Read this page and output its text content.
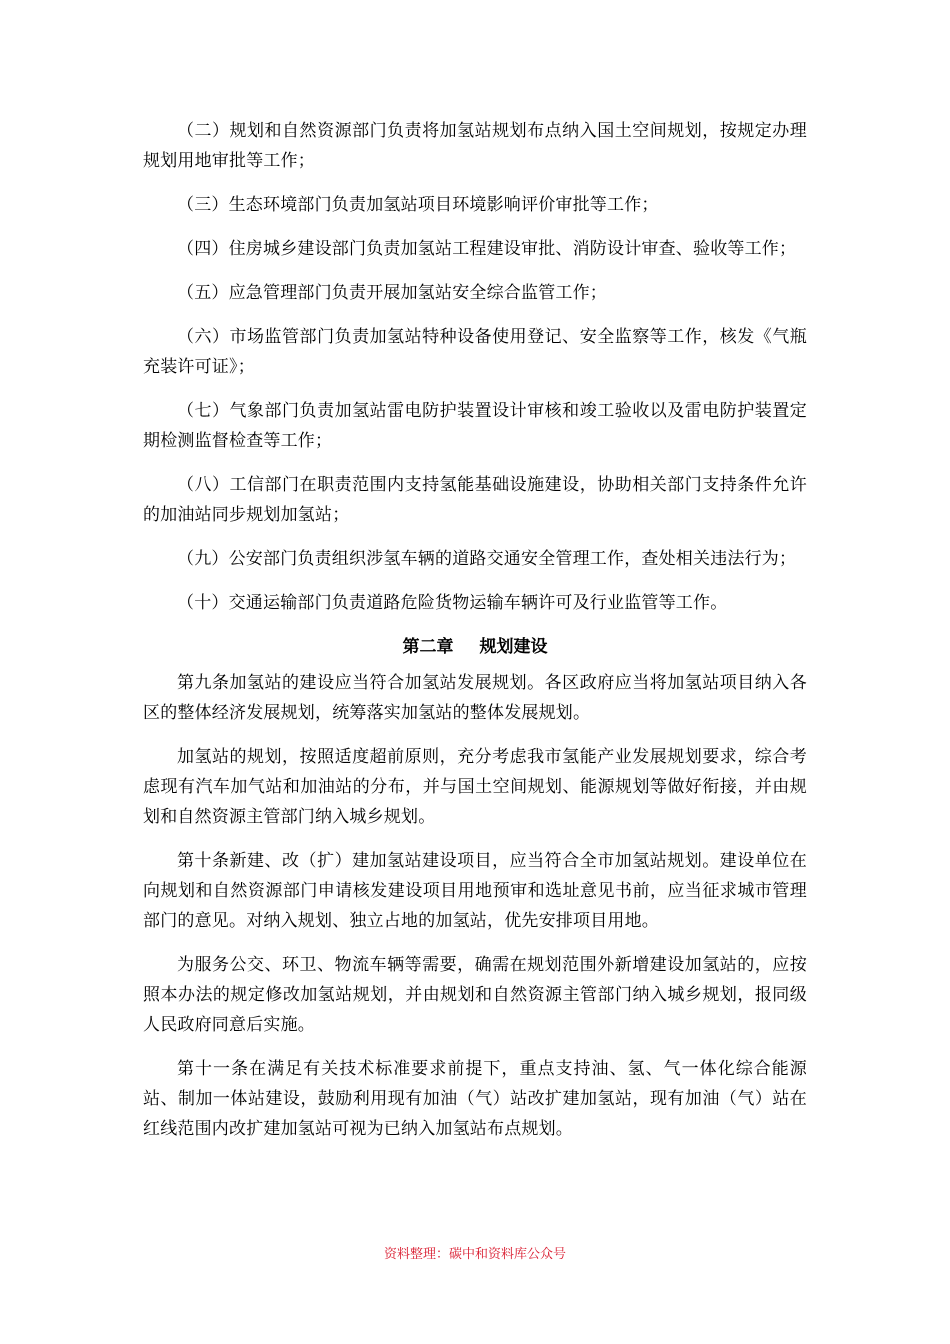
（二）规划和自然资源部门负责将加氢站规划布点纳入国土空间规划，按规定办理规划用地审批等工作；

（三）生态环境部门负责加氢站项目环境影响评价审批等工作；

（四）住房城乡建设部门负责加氢站工程建设审批、消防设计审查、验收等工作；

（五）应急管理部门负责开展加氢站安全综合监管工作；

（六）市场监管部门负责加氢站特种设备使用登记、安全监察等工作，核发《气瓶充装许可证》；

（七）气象部门负责加氢站雷电防护装置设计审核和竣工验收以及雷电防护装置定期检测监督检查等工作；

（八）工信部门在职责范围内支持氢能基础设施建设，协助相关部门支持条件允许的加油站同步规划加氢站；

（九）公安部门负责组织涉氢车辆的道路交通安全管理工作，查处相关违法行为；

（十）交通运输部门负责道路危险货物运输车辆许可及行业监管等工作。

第二章 规划建设

第九条加氢站的建设应当符合加氢站发展规划。各区政府应当将加氢站项目纳入各区的整体经济发展规划，统筹落实加氢站的整体发展规划。

加氢站的规划，按照适度超前原则，充分考虑我市氢能产业发展规划要求，综合考虑现有汽车加气站和加油站的分布，并与国土空间规划、能源规划等做好衔接，并由规划和自然资源主管部门纳入城乡规划。

第十条新建、改（扩）建加氢站建设项目，应当符合全市加氢站规划。建设单位在向规划和自然资源部门申请核发建设项目用地预审和选址意见书前，应当征求城市管理部门的意见。对纳入规划、独立占地的加氢站，优先安排项目用地。

为服务公交、环卫、物流车辆等需要，确需在规划范围外新增建设加氢站的，应按照本办法的规定修改加氢站规划，并由规划和自然资源主管部门纳入城乡规划，报同级人民政府同意后实施。

第十一条在满足有关技术标准要求前提下，重点支持油、氢、气一体化综合能源站、制加一体站建设，鼓励利用现有加油（气）站改扩建加氢站，现有加油（气）站在红线范围内改扩建加氢站可视为已纳入加氢站布点规划。

资料整理：碳中和资料库公众号
